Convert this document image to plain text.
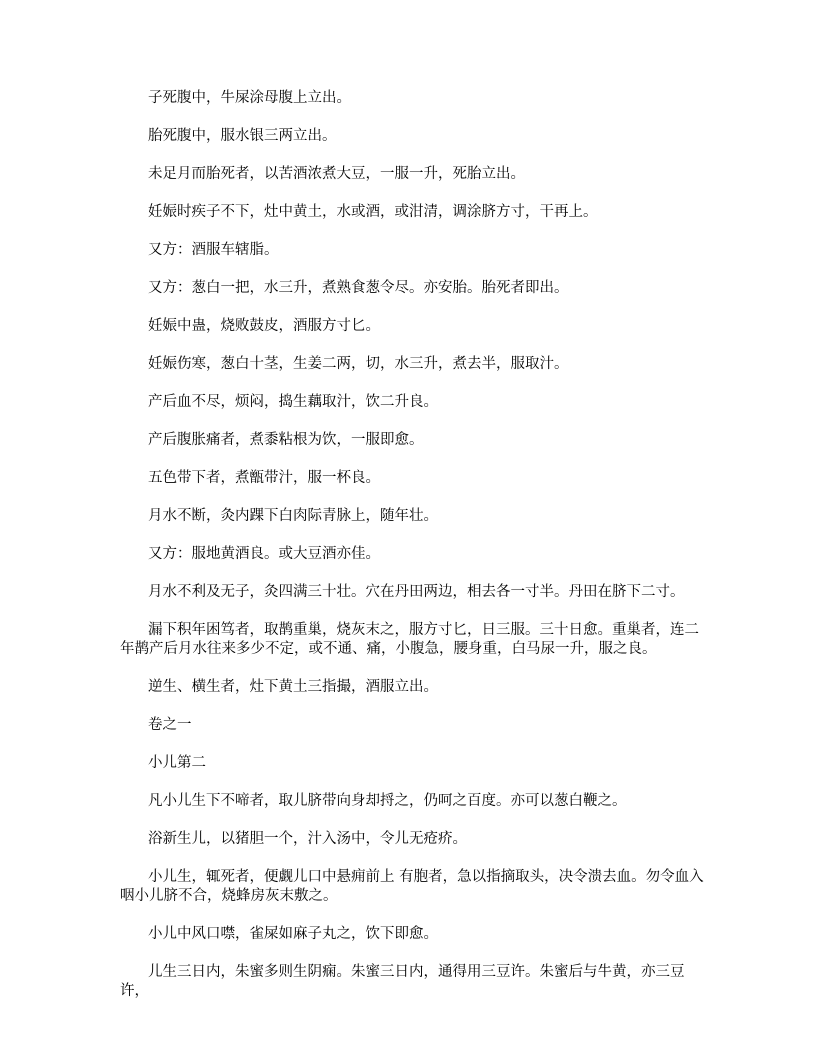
子死腹中，牛屎涂母腹上立出。

胎死腹中，服水银三两立出。

未足月而胎死者，以苦酒浓煮大豆，一服一升，死胎立出。

妊娠时疾子不下，灶中黄土，水或酒，或泔清，调涂脐方寸，干再上。

又方：酒服车辖脂。

又方：葱白一把，水三升，煮熟食葱令尽。亦安胎。胎死者即出。

妊娠中蛊，烧败鼓皮，酒服方寸匕。

妊娠伤寒，葱白十茎，生姜二两，切，水三升，煮去半，服取汁。

产后血不尽，烦闷，捣生藕取汁，饮二升良。

产后腹胀痛者，煮黍粘根为饮，一服即愈。

五色带下者，煮甑带汁，服一杯良。

月水不断，灸内踝下白肉际青脉上，随年壮。

又方：服地黄酒良。或大豆酒亦佳。

月水不利及无子，灸四满三十壮。穴在丹田两边，相去各一寸半。丹田在脐下二寸。

漏下积年困笃者，取鹊重巢，烧灰末之，服方寸匕，日三服。三十日愈。重巢者，连二年鹊产后月水往来多少不定，或不通、痛，小腹急，腰身重，白马尿一升，服之良。

逆生、横生者，灶下黄土三指撮，酒服立出。

卷之一

小儿第二

凡小儿生下不啼者，取儿脐带向身却捋之，仍呵之百度。亦可以葱白鞭之。

浴新生儿，以猪胆一个，汁入汤中，令儿无疮疥。

小儿生，辄死者，便觑儿口中悬痈前上 有胞者，急以指摘取头，决令溃去血。勿令血入咽小儿脐不合，烧蜂房灰末敷之。

小儿中风口噤，雀屎如麻子丸之，饮下即愈。

儿生三日内，朱蜜多则生阴痫。朱蜜三日内，通得用三豆许。朱蜜后与牛黄，亦三豆许，
